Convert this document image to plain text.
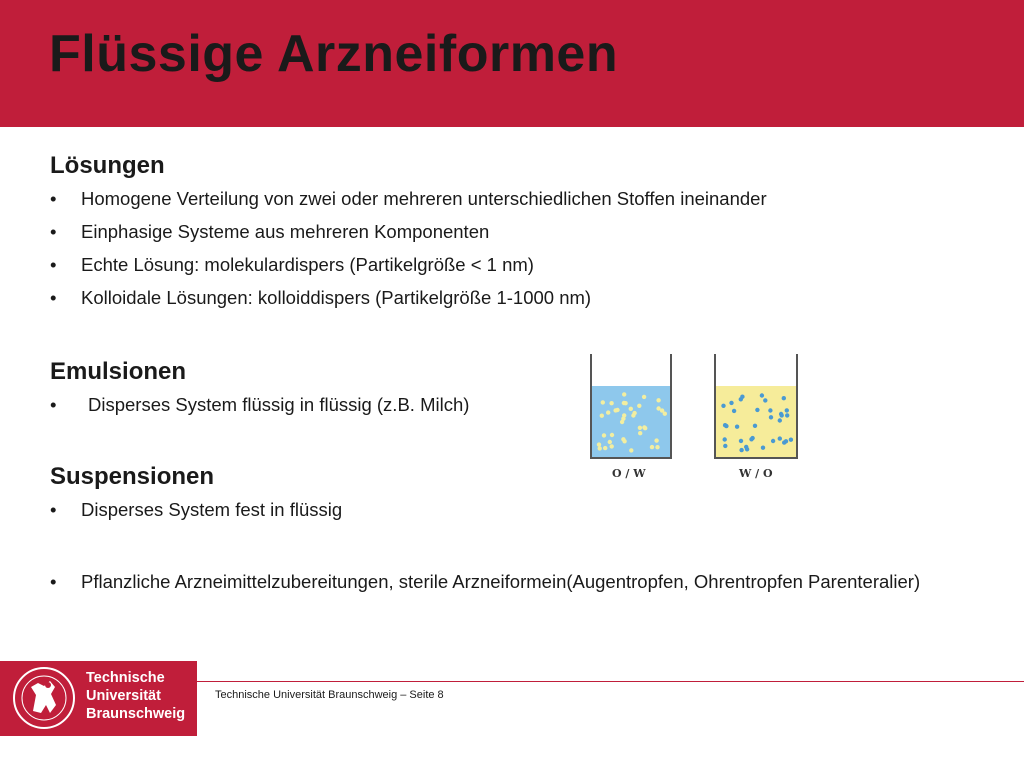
Flüssige Arzneiformen
Lösungen
• Homogene Verteilung von zwei oder mehreren unterschiedlichen Stoffen ineinander
• Einphasige Systeme aus mehreren Komponenten
• Echte Lösung: molekulardispers (Partikelgröße < 1 nm)
• Kolloidale Lösungen: kolloiddispers (Partikelgröße 1-1000 nm)
Emulsionen
• Disperses System flüssig in flüssig (z.B. Milch)
Suspensionen
• Disperses System fest in flüssig
• Pflanzliche Arzneimittelzubereitungen, sterile Arzneiformein(Augentropfen, Ohrentropfen Parenteralier)
O / W	W / O
Technische
Universität
Braunschweig
Technische Universität Braunschweig – Seite 8
